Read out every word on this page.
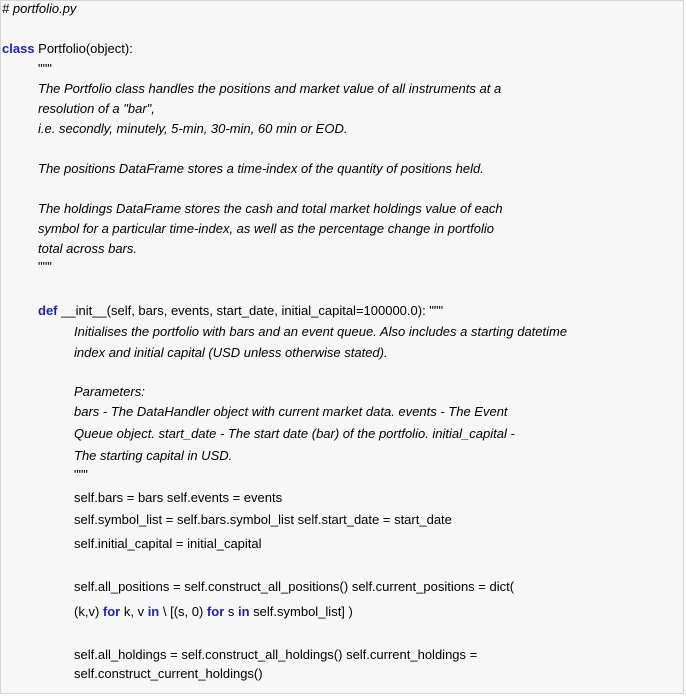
# portfolio.py
class Portfolio(object):
"""
The Portfolio class handles the positions and market value of all instruments at a
resolution of a "bar",
i.e. secondly, minutely, 5-min, 30-min, 60 min or EOD.
The positions DataFrame stores a time-index of the quantity of positions held.
The holdings DataFrame stores the cash and total market holdings value of each
symbol for a particular time-index, as well as the percentage change in portfolio
total across bars.
"""
def __init__(self, bars, events, start_date, initial_capital=100000.0): """
Initialises the portfolio with bars and an event queue. Also includes a starting datetime
index and initial capital (USD unless otherwise stated).
Parameters:
bars - The DataHandler object with current market data. events - The Event
Queue object. start_date - The start date (bar) of the portfolio. initial_capital -
The starting capital in USD.
"""
self.bars = bars self.events = events
self.symbol_list = self.bars.symbol_list self.start_date = start_date
self.initial_capital = initial_capital
self.all_positions = self.construct_all_positions() self.current_positions = dict(
(k,v) for k, v in \ [(s, 0) for s in self.symbol_list] )
self.all_holdings = self.construct_all_holdings() self.current_holdings =
self.construct_current_holdings()
